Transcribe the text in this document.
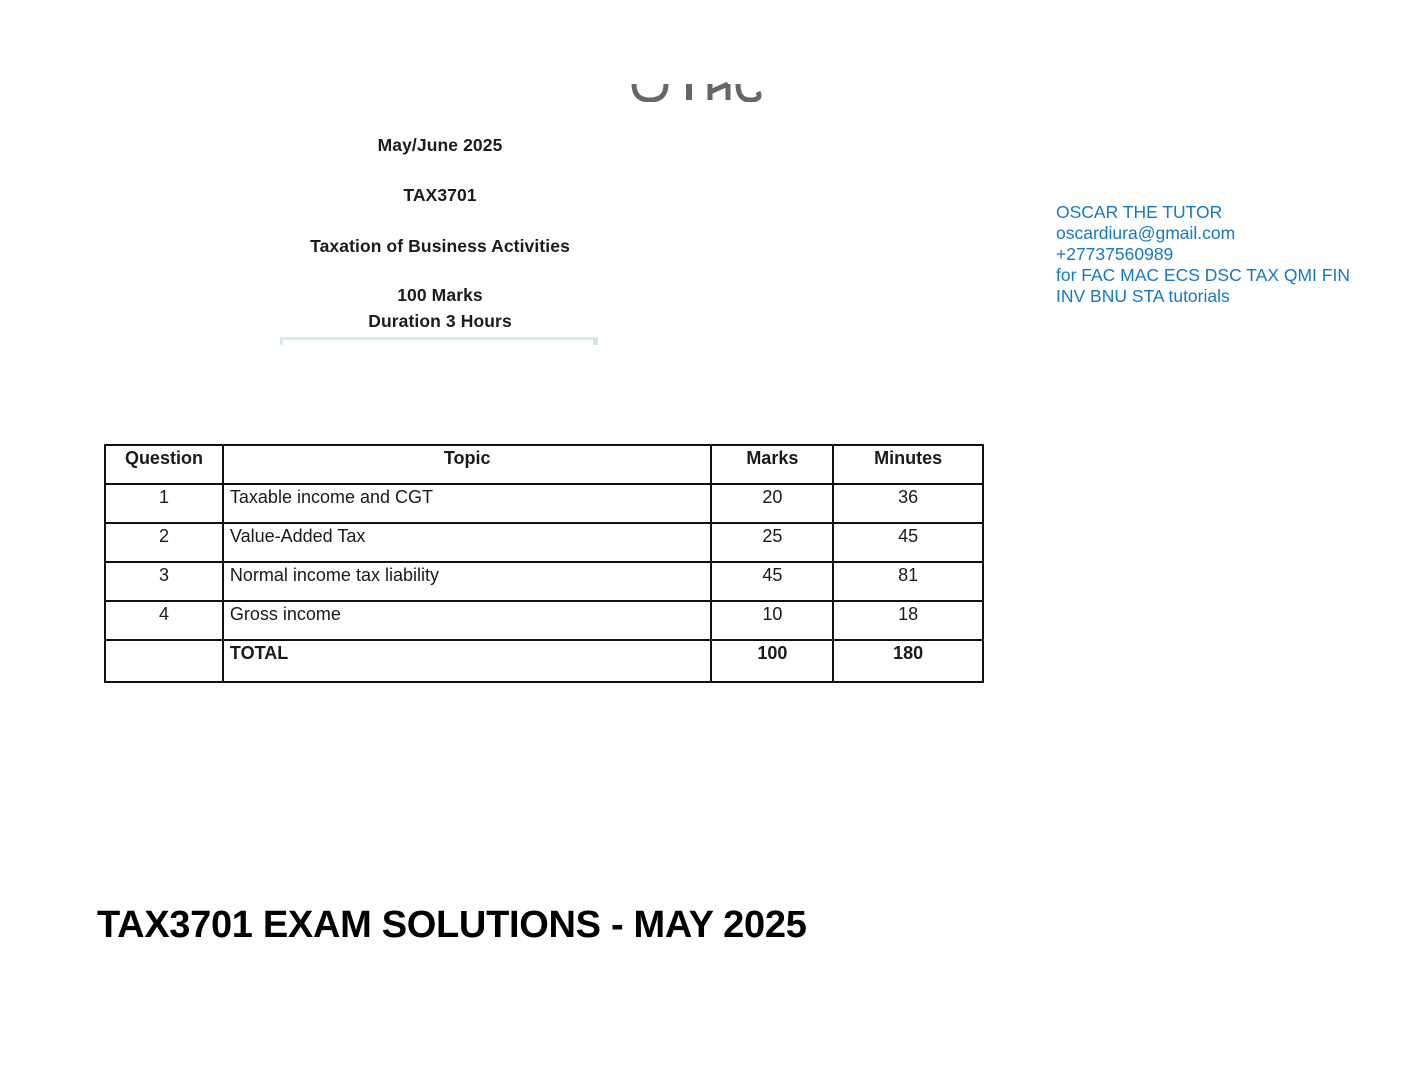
May/June 2025
TAX3701
Taxation of Business Activities
100 Marks
Duration 3 Hours
OSCAR THE TUTOR
oscardiura@gmail.com
+27737560989
for FAC MAC ECS DSC TAX QMI FIN
INV BNU STA tutorials
Question	Topic	Marks	Minutes
1	Taxable income and CGT	20	36
2	Value-Added Tax	25	45
3	Normal income tax liability	45	81
4	Gross income	10	18
	TOTAL	100	180
TAX3701 EXAM SOLUTIONS - MAY 2025
